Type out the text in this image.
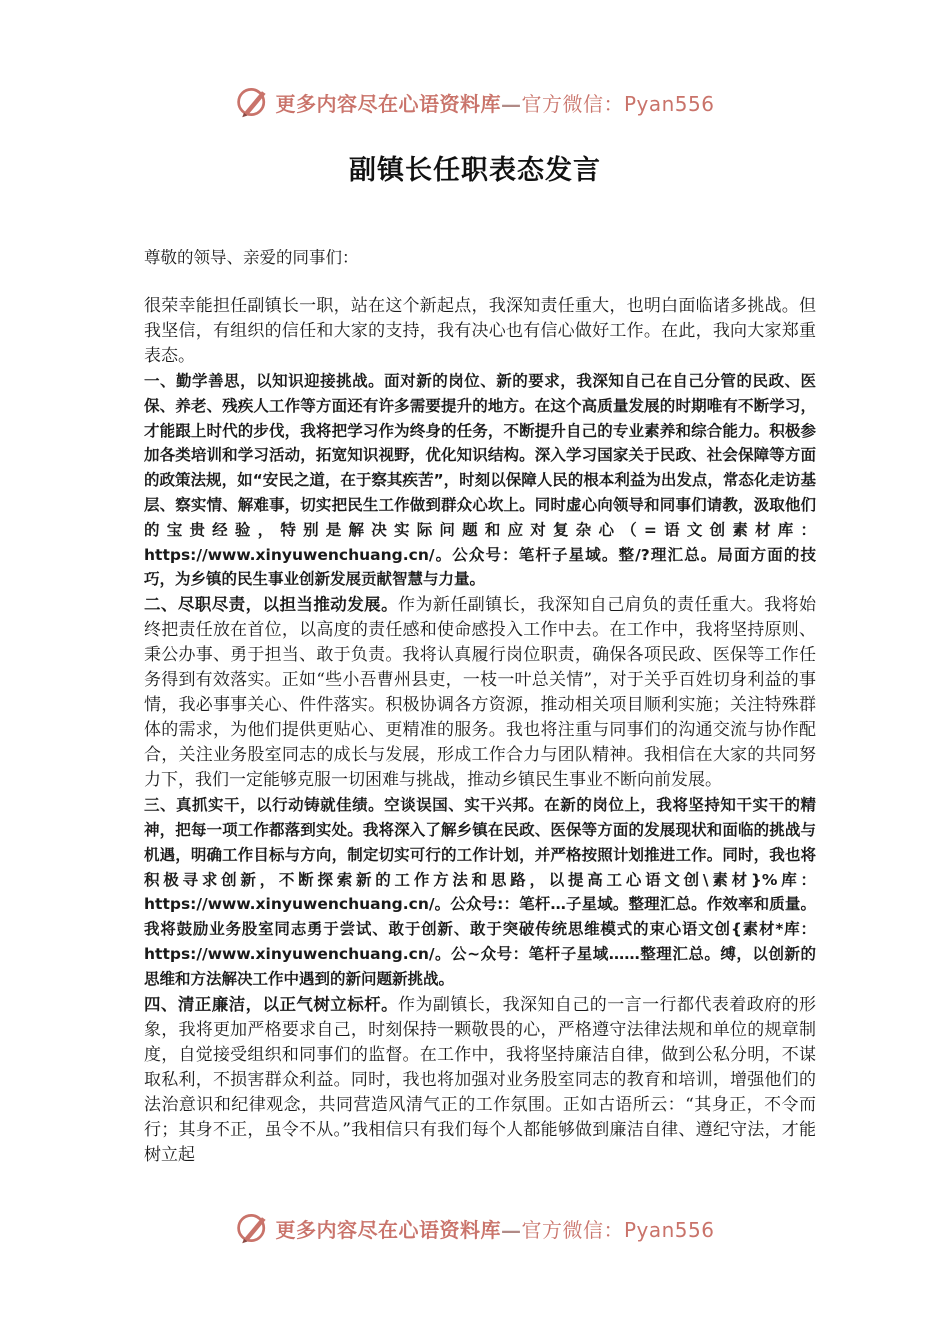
更多内容尽在心语资料库—官方微信：Pyan556
副镇长任职表态发言

尊敬的领导、亲爱的同事们：

很荣幸能担任副镇长一职，站在这个新起点，我深知责任重大，也明白面临诸多挑战。但我坚信，有组织的信任和大家的支持，我有决心也有信心做好工作。在此，我向大家郑重表态。

一、勤学善思，以知识迎接挑战。面对新的岗位、新的要求，我深知自己在自己分管的民政、医保、养老、残疾人工作等方面还有许多需要提升的地方。在这个高质量发展的时期唯有不断学习，才能跟上时代的步伐，我将把学习作为终身的任务，不断提升自己的专业素养和综合能力。积极参加各类培训和学习活动，拓宽知识视野，优化知识结构。深入学习国家关于民政、社会保障等方面的政策法规，如“安民之道，在于察其疾苦”，时刻以保障人民的根本利益为出发点，常态化走访基层、察实情、解难事，切实把民生工作做到群众心坎上。同时虚心向领导和同事们请教，汲取他们的宝贵经验，特别是解决实际问题和应对复杂心（=语文创素材库：https://www.xinyuwenchuang.cn/。公众号：笔杆子星域。整/?理汇总。局面方面的技巧，为乡镇的民生事业创新发展贡献智慧与力量。

二、尽职尽责，以担当推动发展。作为新任副镇长，我深知自己肩负的责任重大。我将始终把责任放在首位，以高度的责任感和使命感投入工作中去。在工作中，我将坚持原则、秉公办事、勇于担当、敢于负责。我将认真履行岗位职责，确保各项民政、医保等工作任务得到有效落实。正如“些小吾曹州县吏，一枝一叶总关情”，对于关乎百姓切身利益的事情，我必事事关心、件件落实。积极协调各方资源，推动相关项目顺利实施；关注特殊群体的需求，为他们提供更贴心、更精准的服务。我也将注重与同事们的沟通交流与协作配合，关注业务股室同志的成长与发展，形成工作合力与团队精神。我相信在大家的共同努力下，我们一定能够克服一切困难与挑战，推动乡镇民生事业不断向前发展。

三、真抓实干，以行动铸就佳绩。空谈误国、实干兴邦。在新的岗位上，我将坚持知干实干的精神，把每一项工作都落到实处。我将深入了解乡镇在民政、医保等方面的发展现状和面临的挑战与机遇，明确工作目标与方向，制定切实可行的工作计划，并严格按照计划推进工作。同时，我也将积极寻求创新，不断探索新的工作方法和思路，以提高工心语文创\素材}%库：https://www.xinyuwenchuang.cn/。公众号:：笔杆…子星域。整理汇总。作效率和质量。我将鼓励业务股室同志勇于尝试、敢于创新、敢于突破传统思维模式的束心语文创{素材*库：https://www.xinyuwenchuang.cn/。公~众号：笔杆子星域……整理汇总。缚，以创新的思维和方法解决工作中遇到的新问题新挑战。

四、清正廉洁，以正气树立标杆。作为副镇长，我深知自己的一言一行都代表着政府的形象，我将更加严格要求自己，时刻保持一颗敬畏的心，严格遵守法律法规和单位的规章制度，自觉接受组织和同事们的监督。在工作中，我将坚持廉洁自律，做到公私分明，不谋取私利，不损害群众利益。同时，我也将加强对业务股室同志的教育和培训，增强他们的法治意识和纪律观念，共同营造风清气正的工作氛围。正如古语所云：“其身正，不令而行；其身不正，虽令不从。”我相信只有我们每个人都能够做到廉洁自律、遵纪守法，才能树立起

更多内容尽在心语资料库—官方微信：Pyan556
